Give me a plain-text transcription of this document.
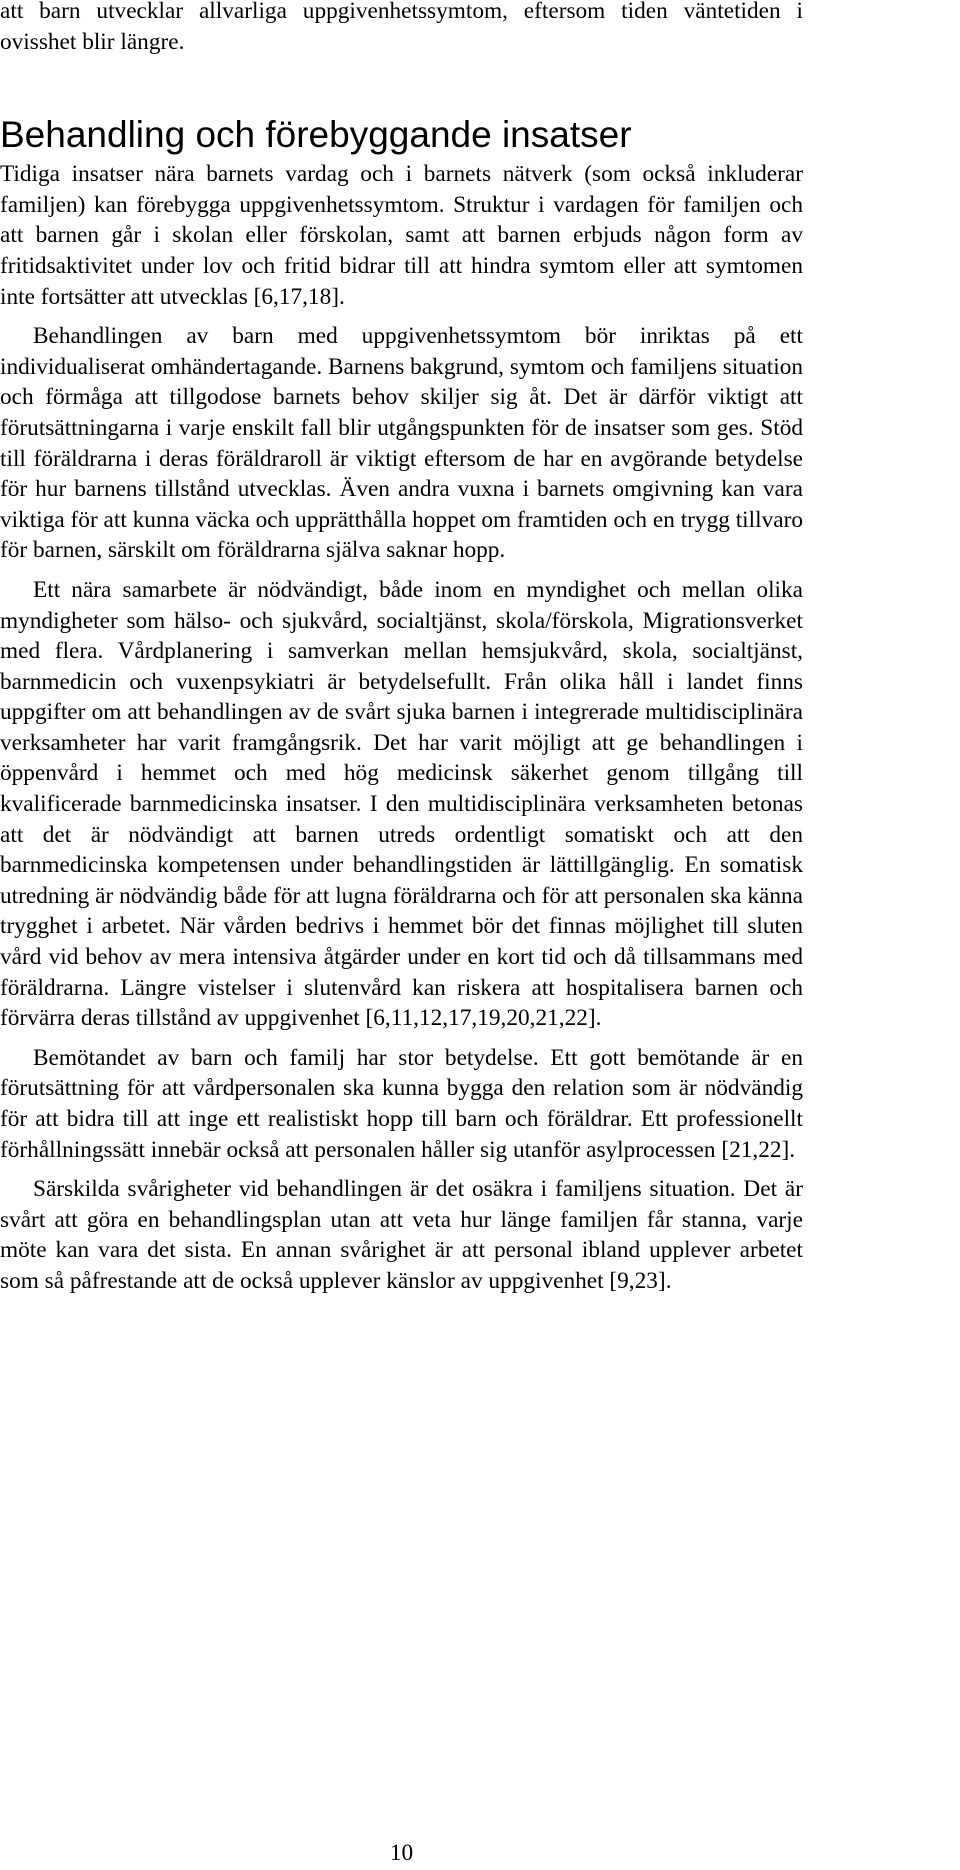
att barn utvecklar allvarliga uppgivenhetssymtom, eftersom tiden väntetiden i ovisshet blir längre.

Behandling och förebyggande insatser

Tidiga insatser nära barnets vardag och i barnets nätverk (som också inkluderar familjen) kan förebygga uppgivenhetssymtom. Struktur i vardagen för familjen och att barnen går i skolan eller förskolan, samt att barnen erbjuds någon form av fritidsaktivitet under lov och fritid bidrar till att hindra symtom eller att symtomen inte fortsätter att utvecklas [6,17,18].

Behandlingen av barn med uppgivenhetssymtom bör inriktas på ett individualiserat omhändertagande. Barnens bakgrund, symtom och familjens situation och förmåga att tillgodose barnets behov skiljer sig åt. Det är därför viktigt att förutsättningarna i varje enskilt fall blir utgångspunkten för de insatser som ges. Stöd till föräldrarna i deras föräldraroll är viktigt eftersom de har en avgörande betydelse för hur barnens tillstånd utvecklas. Även andra vuxna i barnets omgivning kan vara viktiga för att kunna väcka och upprätthålla hoppet om framtiden och en trygg tillvaro för barnen, särskilt om föräldrarna själva saknar hopp.

Ett nära samarbete är nödvändigt, både inom en myndighet och mellan olika myndigheter som hälso- och sjukvård, socialtjänst, skola/förskola, Migrationsverket med flera. Vårdplanering i samverkan mellan hemsjukvård, skola, socialtjänst, barnmedicin och vuxenpsykiatri är betydelsefullt. Från olika håll i landet finns uppgifter om att behandlingen av de svårt sjuka barnen i integrerade multidisciplinära verksamheter har varit framgångsrik. Det har varit möjligt att ge behandlingen i öppenvård i hemmet och med hög medicinsk säkerhet genom tillgång till kvalificerade barnmedicinska insatser. I den multidisciplinära verksamheten betonas att det är nödvändigt att barnen utreds ordentligt somatiskt och att den barnmedicinska kompetensen under behandlingstiden är lättillgänglig. En somatisk utredning är nödvändig både för att lugna föräldrarna och för att personalen ska känna trygghet i arbetet. När vården bedrivs i hemmet bör det finnas möjlighet till sluten vård vid behov av mera intensiva åtgärder under en kort tid och då tillsammans med föräldrarna. Längre vistelser i slutenvård kan riskera att hospitalisera barnen och förvärra deras tillstånd av uppgivenhet [6,11,12,17,19,20,21,22].

Bemötandet av barn och familj har stor betydelse. Ett gott bemötande är en förutsättning för att vårdpersonalen ska kunna bygga den relation som är nödvändig för att bidra till att inge ett realistiskt hopp till barn och föräldrar. Ett professionellt förhållningssätt innebär också att personalen håller sig utanför asylprocessen [21,22].

Särskilda svårigheter vid behandlingen är det osäkra i familjens situation. Det är svårt att göra en behandlingsplan utan att veta hur länge familjen får stanna, varje möte kan vara det sista. En annan svårighet är att personal ibland upplever arbetet som så påfrestande att de också upplever känslor av uppgivenhet [9,23].

10
